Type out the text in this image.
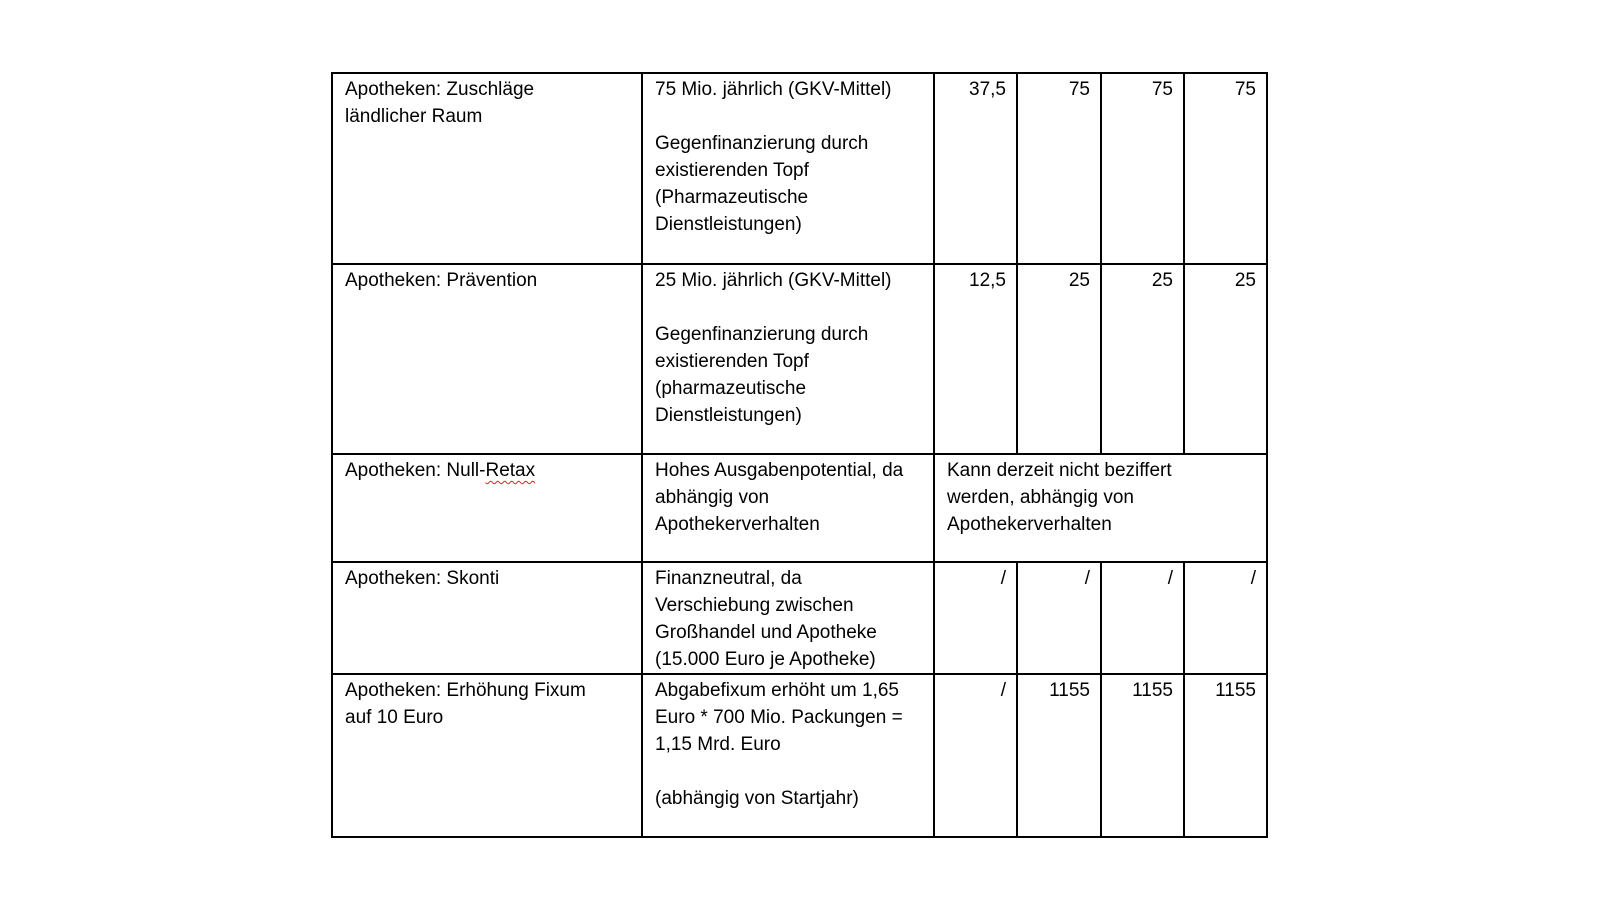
Apotheken: Zuschläge
ländlicher Raum	75 Mio. jährlich (GKV-Mittel)
Gegenfinanzierung durch
existierenden Topf
(Pharmazeutische
Dienstleistungen)	37,5	75	75	75

Apotheken: Prävention	25 Mio. jährlich (GKV-Mittel)
Gegenfinanzierung durch
existierenden Topf
(pharmazeutische
Dienstleistungen)	12,5	25	25	25

Apotheken: Null-Retax	Hohes Ausgabenpotential, da
abhängig von
Apothekerverhalten	Kann derzeit nicht beziffert
werden, abhängig von
Apothekerverhalten			

Apotheken: Skonti	Finanzneutral, da
Verschiebung zwischen
Großhandel und Apotheke
(15.000 Euro je Apotheke)	/	/	/	/

Apotheken: Erhöhung Fixum
auf 10 Euro	Abgabefixum erhöht um 1,65
Euro * 700 Mio. Packungen =
1,15 Mrd. Euro
(abhängig von Startjahr)	/	1155	1155	1155
